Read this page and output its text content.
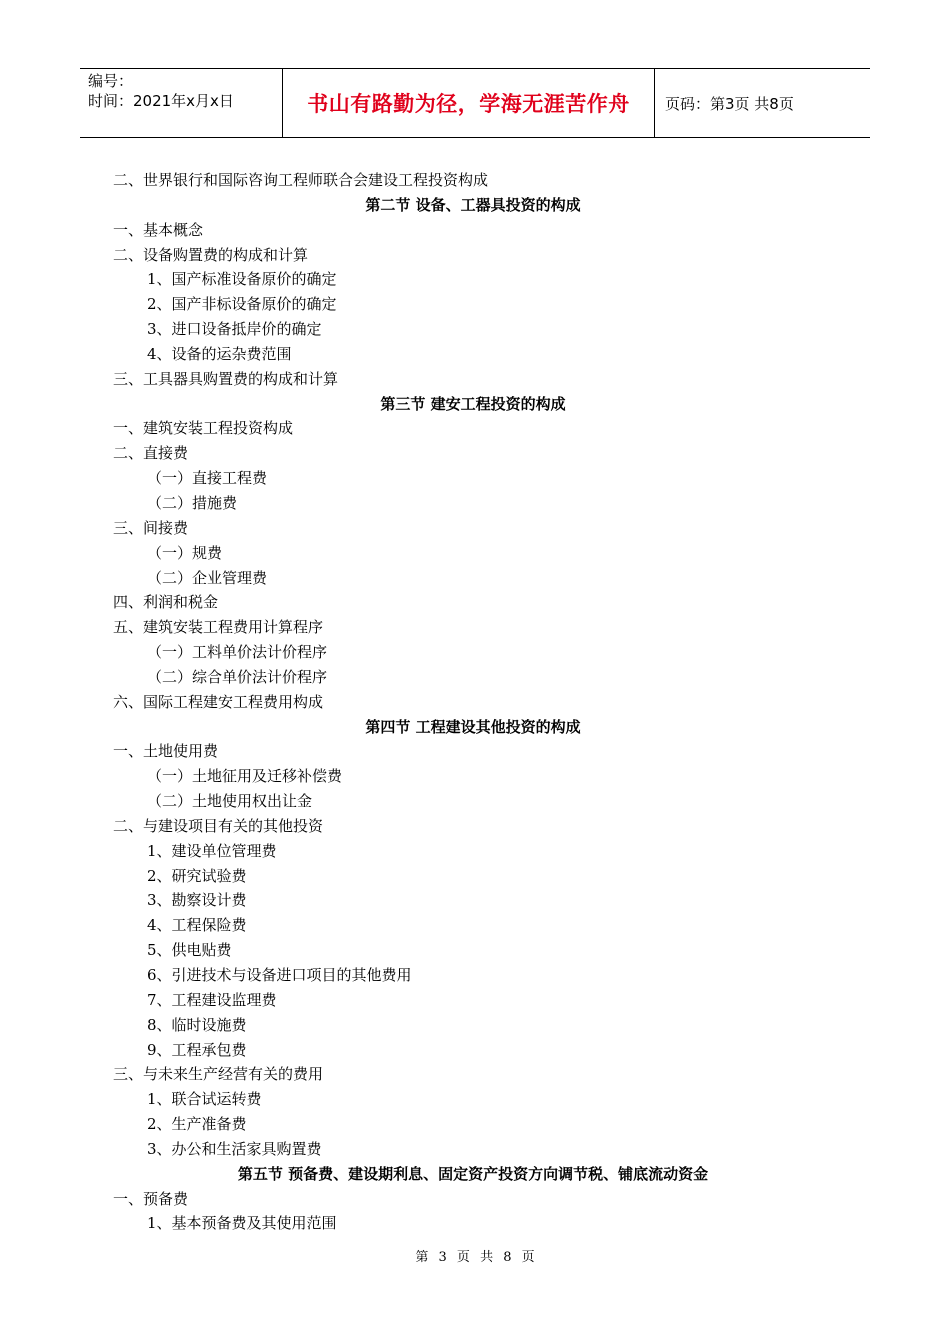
编号：
时间：2021年x月x日	书山有路勤为径，学海无涯苦作舟 页码：第3页 共8页
二、世界银行和国际咨询工程师联合会建设工程投资构成
第二节 设备、工器具投资的构成
一、基本概念
二、设备购置费的构成和计算
1、国产标准设备原价的确定
2、国产非标设备原价的确定
3、进口设备抵岸价的确定
4、设备的运杂费范围
三、工具器具购置费的构成和计算
第三节 建安工程投资的构成
一、建筑安装工程投资构成
二、直接费
（一）直接工程费
（二）措施费
三、间接费
（一）规费
（二）企业管理费
四、利润和税金
五、建筑安装工程费用计算程序
（一）工料单价法计价程序
（二）综合单价法计价程序
六、国际工程建安工程费用构成
第四节 工程建设其他投资的构成
一、土地使用费
（一）土地征用及迁移补偿费
（二）土地使用权出让金
二、与建设项目有关的其他投资
1、建设单位管理费
2、研究试验费
3、勘察设计费
4、工程保险费
5、供电贴费
6、引进技术与设备进口项目的其他费用
7、工程建设监理费
8、临时设施费
9、工程承包费
三、与未来生产经营有关的费用
1、联合试运转费
2、生产准备费
3、办公和生活家具购置费
第五节 预备费、建设期利息、固定资产投资方向调节税、铺底流动资金
一、预备费
1、基本预备费及其使用范围
第 3 页 共 8 页
